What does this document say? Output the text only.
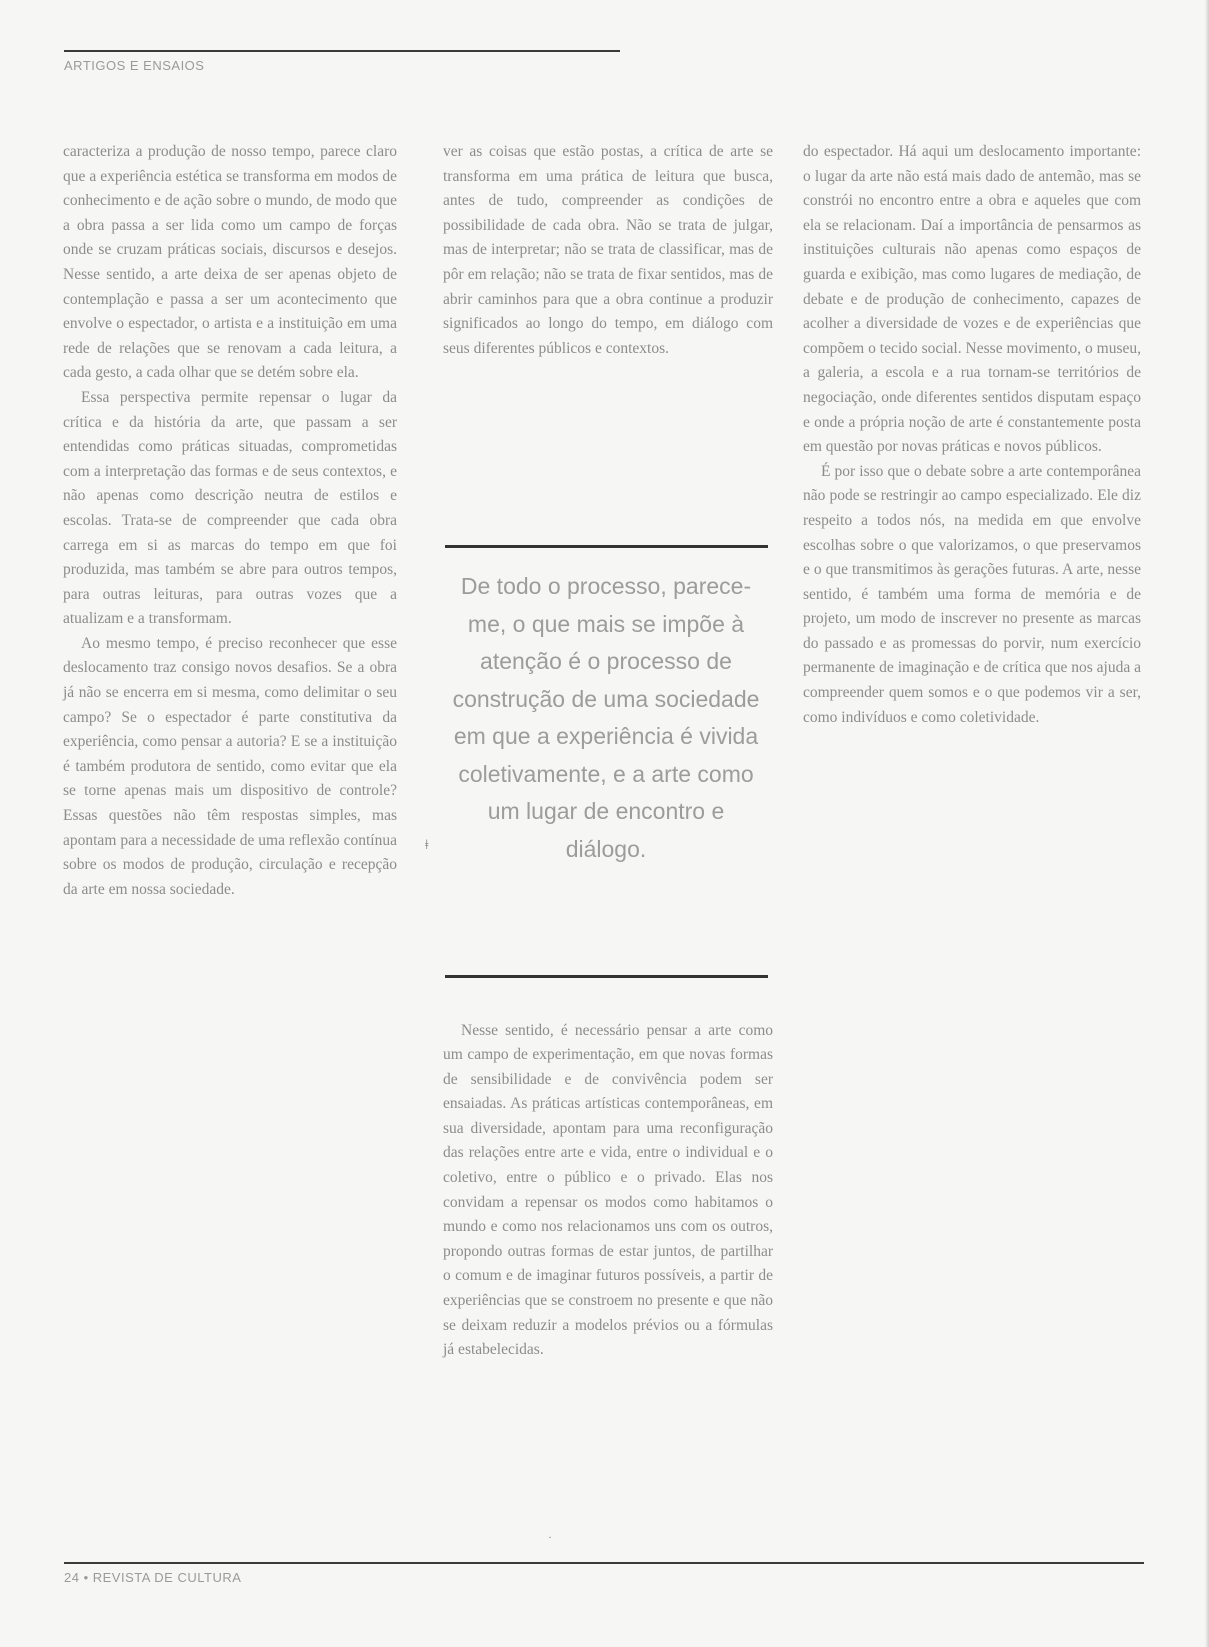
ARTIGOS E ENSAIOS

caracteriza a produção de nosso tempo, parece claro que a experiência estética se transforma em modos de conhecimento e de ação sobre o mundo, de modo que a obra passa a ser lida como um campo de forças onde se cruzam práticas sociais, discursos e desejos. Nesse sentido, a arte deixa de ser apenas objeto de contemplação e passa a ser um acontecimento que envolve o espectador, o artista e a instituição em uma rede de relações que se renovam a cada leitura, a cada gesto, a cada olhar que se detém sobre ela.

Essa perspectiva permite repensar o lugar da crítica e da história da arte, que passam a ser entendidas como práticas situadas, comprometidas com a interpretação das formas e de seus contextos, e não apenas como descrição neutra de estilos e escolas. Trata-se de compreender que cada obra carrega em si as marcas do tempo em que foi produzida, mas também se abre para outros tempos, para outras leituras, para outras vozes que a atualizam e a transformam.

Ao mesmo tempo, é preciso reconhecer que esse deslocamento traz consigo novos desafios. Se a obra já não se encerra em si mesma, como delimitar o seu campo? Se o espectador é parte constitutiva da experiência, como pensar a autoria? E se a instituição é também produtora de sentido, como evitar que ela se torne apenas mais um dispositivo de controle? Essas questões não têm respostas simples, mas apontam para a necessidade de uma reflexão contínua sobre os modos de produção, circulação e recepção da arte em nossa sociedade.

ver as coisas que estão postas, a crítica de arte se transforma em uma prática de leitura que busca, antes de tudo, compreender as condições de possibilidade de cada obra. Não se trata de julgar, mas de interpretar; não se trata de classificar, mas de pôr em relação; não se trata de fixar sentidos, mas de abrir caminhos para que a obra continue a produzir significados ao longo do tempo, em diálogo com seus diferentes públicos e contextos.

De todo o processo, parece-me, o que mais se impõe à atenção é o processo de construção de uma sociedade em que a experiência é vivida coletivamente, e a arte como um lugar de encontro e diálogo.

Nesse sentido, é necessário pensar a arte como um campo de experimentação, em que novas formas de sensibilidade e de convivência podem ser ensaiadas. As práticas artísticas contemporâneas, em sua diversidade, apontam para uma reconfiguração das relações entre arte e vida, entre o individual e o coletivo, entre o público e o privado. Elas nos convidam a repensar os modos como habitamos o mundo e como nos relacionamos uns com os outros, propondo outras formas de estar juntos, de partilhar o comum e de imaginar futuros possíveis, a partir de experiências que se constroem no presente e que não se deixam reduzir a modelos prévios ou a fórmulas já estabelecidas.

do espectador. Há aqui um deslocamento importante: o lugar da arte não está mais dado de antemão, mas se constrói no encontro entre a obra e aqueles que com ela se relacionam. Daí a importância de pensarmos as instituições culturais não apenas como espaços de guarda e exibição, mas como lugares de mediação, de debate e de produção de conhecimento, capazes de acolher a diversidade de vozes e de experiências que compõem o tecido social. Nesse movimento, o museu, a galeria, a escola e a rua tornam-se territórios de negociação, onde diferentes sentidos disputam espaço e onde a própria noção de arte é constantemente posta em questão por novas práticas e novos públicos.

É por isso que o debate sobre a arte contemporânea não pode se restringir ao campo especializado. Ele diz respeito a todos nós, na medida em que envolve escolhas sobre o que valorizamos, o que preservamos e o que transmitimos às gerações futuras. A arte, nesse sentido, é também uma forma de memória e de projeto, um modo de inscrever no presente as marcas do passado e as promessas do porvir, num exercício permanente de imaginação e de crítica que nos ajuda a compreender quem somos e o que podemos vir a ser, como indivíduos e como coletividade.

ǂ
·
24 • REVISTA DE CULTURA
